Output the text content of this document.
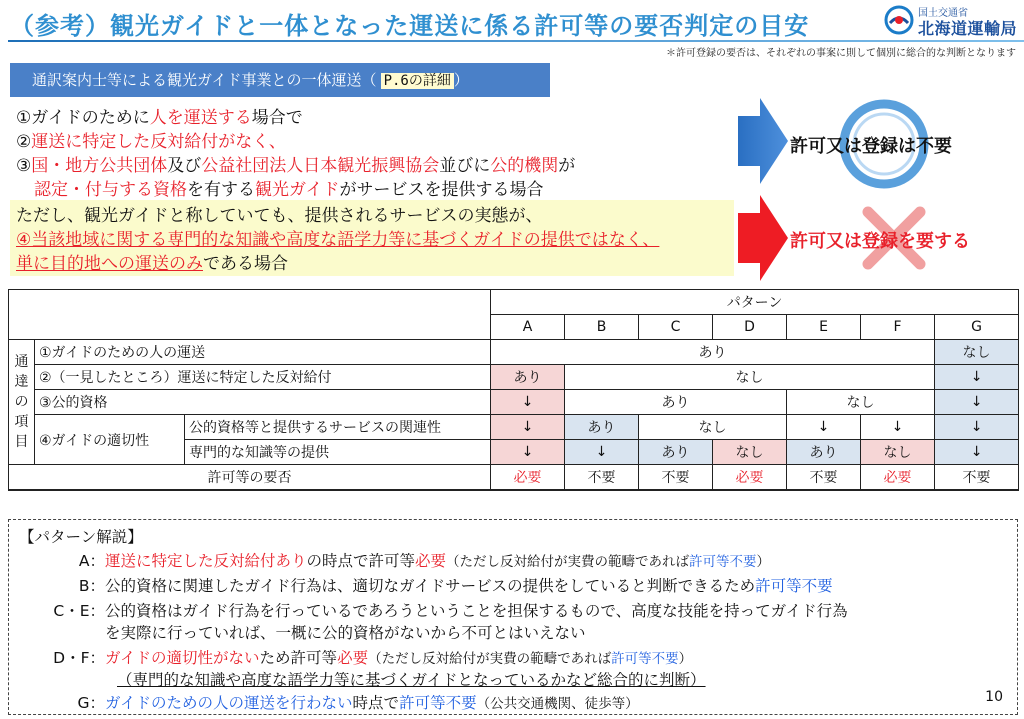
（参考）観光ガイドと一体となった運送に係る許可等の要否判定の目安	国土交通省
北海道運輸局
＊許可登録の要否は、それぞれの事案に則して個別に総合的な判断となります
通訳案内士等による観光ガイド事業との一体運送（ P.6の詳細 ）
①ガイドのために人を運送する場合で
②運送に特定した反対給付がなく、
③国・地方公共団体及び公益社団法人日本観光振興協会並びに公的機関が
認定・付与する資格を有する観光ガイドがサービスを提供する場合
許可又は登録は不要
ただし、観光ガイドと称していても、提供されるサービスの実態が、
④当該地域に関する専門的な知識や高度な語学力等に基づくガイドの提供ではなく、
単に目的地への運送のみである場合
許可又は登録を要する
			パターン						
			A	B	C	D	E	F	G

通
達
の
項
目	①ガイドのための人の運送		あり						なし
	②（一見したところ）運送に特定した反対給付		あり	なし					↓
	③公的資格		↓	あり			なし		↓
	④ガイドの適切性	公的資格等と提供するサービスの関連性	↓	あり	なし		↓	↓	↓
		専門的な知識等の提供	↓	↓	あり	なし	あり	なし	↓
許可等の要否			必要	不要	不要	必要	不要	必要	不要
【パターン解説】
A：運送に特定した反対給付ありの時点で許可等必要（ただし反対給付が実費の範疇であれば許可等不要）
B：公的資格に関連したガイド行為は、適切なガイドサービスの提供をしていると判断できるため許可等不要
C・E：公的資格はガイド行為を行っているであろうということを担保するもので、高度な技能を持ってガイド行為
を実際に行っていれば、一概に公的資格がないから不可とはいえない
D・F：ガイドの適切性がないため許可等必要（ただし反対給付が実費の範疇であれば許可等不要）
（専門的な知識や高度な語学力等に基づくガイドとなっているかなど総合的に判断）
G：ガイドのための人の運送を行わない時点で許可等不要（公共交通機関、徒歩等）	10
